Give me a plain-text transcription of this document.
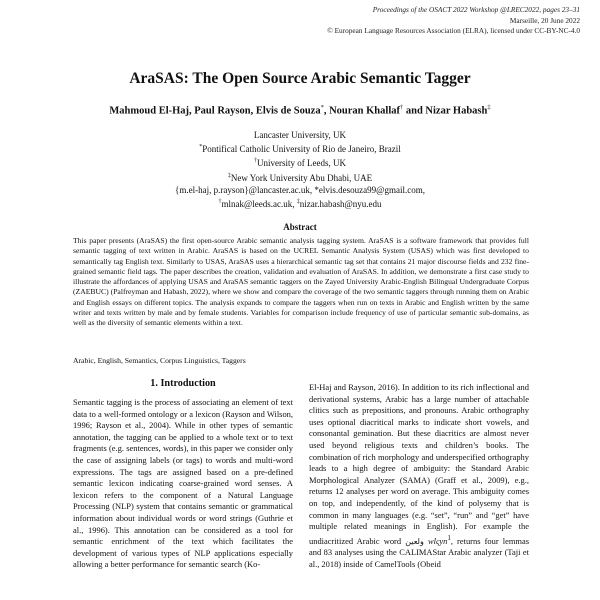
Proceedings of the OSACT 2022 Workshop @LREC2022, pages 23–31
Marseille, 20 June 2022
© European Language Resources Association (ELRA), licensed under CC-BY-NC-4.0
AraSAS: The Open Source Arabic Semantic Tagger
Mahmoud El-Haj, Paul Rayson, Elvis de Souza*, Nouran Khallaf† and Nizar Habash‡
Lancaster University, UK
*Pontifical Catholic University of Rio de Janeiro, Brazil
†University of Leeds, UK
‡New York University Abu Dhabi, UAE
{m.el-haj, p.rayson}@lancaster.ac.uk, *elvis.desouza99@gmail.com,
†mlnak@leeds.ac.uk, ‡nizar.habash@nyu.edu
Abstract
This paper presents (AraSAS) the first open-source Arabic semantic analysis tagging system. AraSAS is a software framework that provides full semantic tagging of text written in Arabic. AraSAS is based on the UCREL Semantic Analysis System (USAS) which was first developed to semantically tag English text. Similarly to USAS, AraSAS uses a hierarchical semantic tag set that contains 21 major discourse fields and 232 fine-grained semantic field tags. The paper describes the creation, validation and evaluation of AraSAS. In addition, we demonstrate a first case study to illustrate the affordances of applying USAS and AraSAS semantic taggers on the Zayed University Arabic-English Bilingual Undergraduate Corpus (ZAEBUC) (Palfreyman and Habash, 2022), where we show and compare the coverage of the two semantic taggers through running them on Arabic and English essays on different topics. The analysis expands to compare the taggers when run on texts in Arabic and English written by the same writer and texts written by male and by female students. Variables for comparison include frequency of use of particular semantic sub-domains, as well as the diversity of semantic elements within a text.
Arabic, English, Semantics, Corpus Linguistics, Taggers
1. Introduction
Semantic tagging is the process of associating an element of text data to a well-formed ontology or a lexicon (Rayson and Wilson, 1996; Rayson et al., 2004). While in other types of semantic annotation, the tagging can be applied to a whole text or to text fragments (e.g. sentences, words), in this paper we consider only the case of assigning labels (or tags) to words and multi-word expressions. The tags are assigned based on a pre-defined semantic lexicon indicating coarse-grained word senses. A lexicon refers to the component of a Natural Language Processing (NLP) system that contains semantic or grammatical information about individual words or word strings (Guthrie et al., 1996). This annotation can be considered as a tool for semantic enrichment of the text which facilitates the development of various types of NLP applications especially allowing a better performance for semantic search (Ko-
El-Haj and Rayson, 2016). In addition to its rich inflectional and derivational systems, Arabic has a large number of attachable clitics such as prepositions, and pronouns. Arabic orthography uses optional diacritical marks to indicate short vowels, and consonantal gemination. But these diacritics are almost never used beyond religious texts and children’s books. The combination of rich morphology and underspecified orthography leads to a high degree of ambiguity: the Standard Arabic Morphological Analyzer (SAMA) (Graff et al., 2009), e.g., returns 12 analyses per word on average. This ambiguity comes on top, and independently, of the kind of polysemy that is common in many languages (e.g. “set”, “run” and “get” have multiple related meanings in English). For example the undiacritized Arabic word ولعين wlςyn$^1$, returns four lemmas and 83 analyses using the CALIMAStar Arabic analyzer (Taji et al., 2018) inside of CamelTools (Obeid
